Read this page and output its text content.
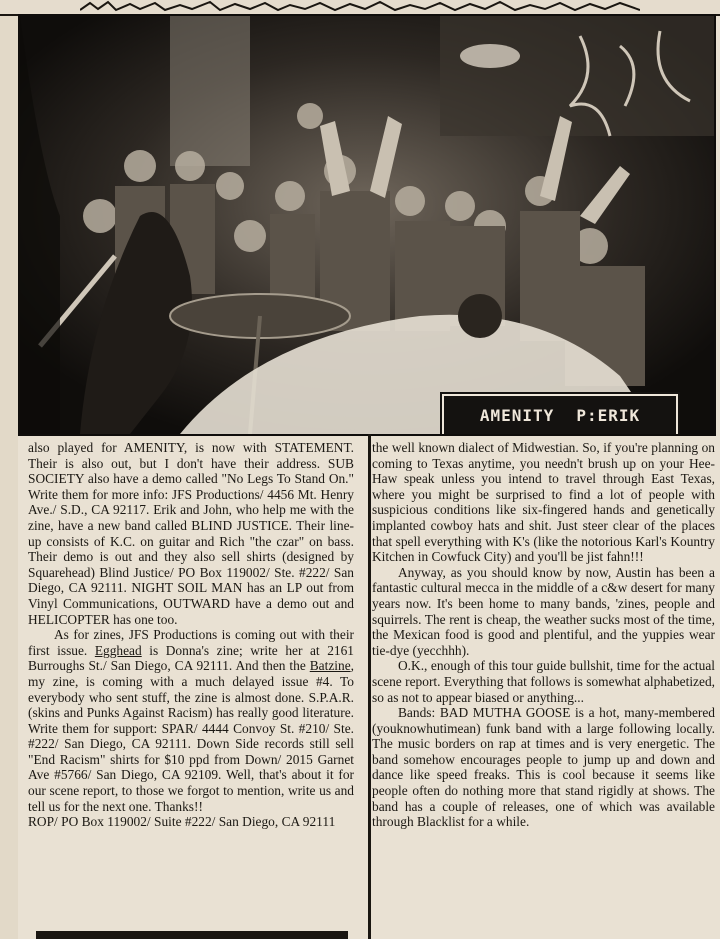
AMENITY P:ERIK

also played for AMENITY, is now with STATEMENT. Their is also out, but I don't have their address. SUB SOCIETY also have a demo called "No Legs To Stand On." Write them for more info: JFS Productions/ 4456 Mt. Henry Ave./ S.D., CA 92117. Erik and John, who help me with the zine, have a new band called BLIND JUSTICE. Their line-up consists of K.C. on guitar and Rich "the czar" on bass. Their demo is out and they also sell shirts (designed by Squarehead) Blind Justice/ PO Box 119002/ Ste. #222/ San Diego, CA 92111. NIGHT SOIL MAN has an LP out from Vinyl Communications, OUTWARD have a demo out and HELICOPTER has one too.

As for zines, JFS Productions is coming out with their first issue. Egghead is Donna's zine; write her at 2161 Burroughs St./ San Diego, CA 92111. And then the Batzine, my zine, is coming with a much delayed issue #4. To everybody who sent stuff, the zine is almost done. S.P.A.R. (skins and Punks Against Racism) has really good literature. Write them for support: SPAR/ 4444 Convoy St. #210/ Ste. #222/ San Diego, CA 92111. Down Side records still sell "End Racism" shirts for $10 ppd from Down/ 2015 Garnet Ave #5766/ San Diego, CA 92109. Well, that's about it for our scene report, to those we forgot to mention, write us and tell us for the next one. Thanks!!

ROP/ PO Box 119002/ Suite #222/ San Diego, CA 92111

the well known dialect of Midwestian. So, if you're planning on coming to Texas anytime, you needn't brush up on your Hee-Haw speak unless you intend to travel through East Texas, where you might be surprised to find a lot of people with suspicious conditions like six-fingered hands and genetically implanted cowboy hats and shit. Just steer clear of the places that spell everything with K's (like the notorious Karl's Kountry Kitchen in Cowfuck City) and you'll be jist fahn!!!

Anyway, as you should know by now, Austin has been a fantastic cultural mecca in the middle of a c&w desert for many years now. It's been home to many bands, 'zines, people and squirrels. The rent is cheap, the weather sucks most of the time, the Mexican food is good and plentiful, and the yuppies wear tie-dye (yecchhh).

O.K., enough of this tour guide bullshit, time for the actual scene report. Everything that follows is somewhat alphabetized, so as not to appear biased or anything...

Bands: BAD MUTHA GOOSE is a hot, many-membered (youknowhutimean) funk band with a large following locally. The music borders on rap at times and is very energetic. The band somehow encourages people to jump up and down and dance like speed freaks. This is cool because it seems like people often do nothing more that stand rigidly at shows. The band has a couple of releases, one of which was available through Blacklist for a while.
